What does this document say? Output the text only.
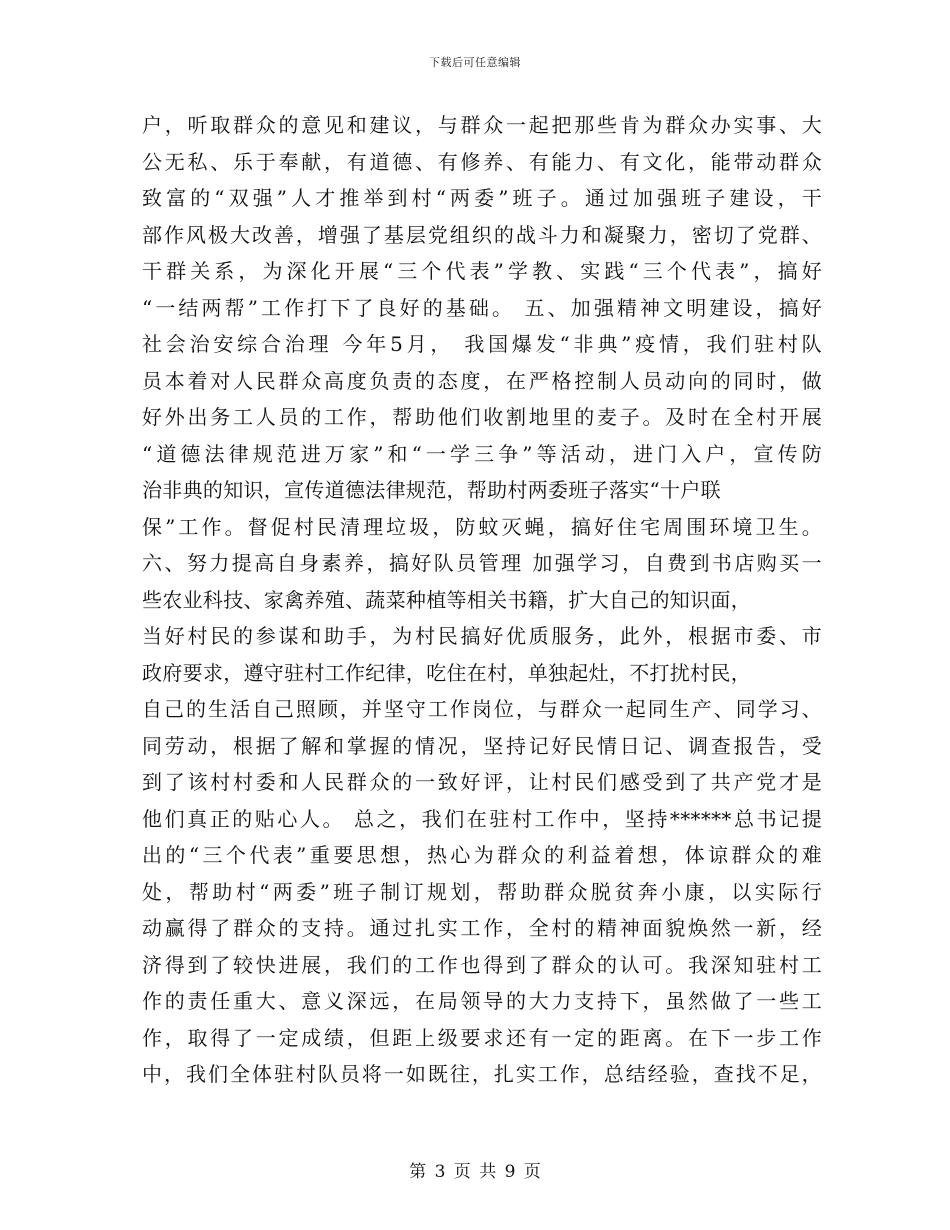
下载后可任意编辑
户，听取群众的意见和建议，与群众一起把那些肯为群众办实事、大
公无私、乐于奉献，有道德、有修养、有能力、有文化，能带动群众
致富的“双强”人才推举到村“两委”班子。通过加强班子建设，干
部作风极大改善，增强了基层党组织的战斗力和凝聚力，密切了党群、
干群关系，为深化开展“三个代表”学教、实践“三个代表”，搞好
“一结两帮”工作打下了良好的基础。 五、加强精神文明建设，搞好
社会治安综合治理 今年5月， 我国爆发“非典”疫情，我们驻村队
员本着对人民群众高度负责的态度，在严格控制人员动向的同时，做
好外出务工人员的工作，帮助他们收割地里的麦子。及时在全村开展
“道德法律规范进万家”和“一学三争”等活动，进门入户，宣传防
治非典的知识，宣传道德法律规范，帮助村两委班子落实“十户联
保”工作。督促村民清理垃圾，防蚊灭蝇，搞好住宅周围环境卫生。
六、努力提高自身素养，搞好队员管理 加强学习，自费到书店购买一
些农业科技、家禽养殖、蔬菜种植等相关书籍，扩大自己的知识面，
当好村民的参谋和助手，为村民搞好优质服务，此外，根据市委、市
政府要求，遵守驻村工作纪律，吃住在村，单独起灶，不打扰村民，
自己的生活自己照顾，并坚守工作岗位，与群众一起同生产、同学习、
同劳动，根据了解和掌握的情况，坚持记好民情日记、调查报告，受
到了该村村委和人民群众的一致好评，让村民们感受到了共产党才是
他们真正的贴心人。 总之，我们在驻村工作中，坚持******总书记提
出的“三个代表”重要思想，热心为群众的利益着想，体谅群众的难
处，帮助村“两委”班子制订规划，帮助群众脱贫奔小康，以实际行
动赢得了群众的支持。通过扎实工作，全村的精神面貌焕然一新，经
济得到了较快进展，我们的工作也得到了群众的认可。我深知驻村工
作的责任重大、意义深远，在局领导的大力支持下，虽然做了一些工
作，取得了一定成绩，但距上级要求还有一定的距离。在下一步工作
中，我们全体驻村队员将一如既往，扎实工作，总结经验，查找不足，
第 3 页 共 9 页
